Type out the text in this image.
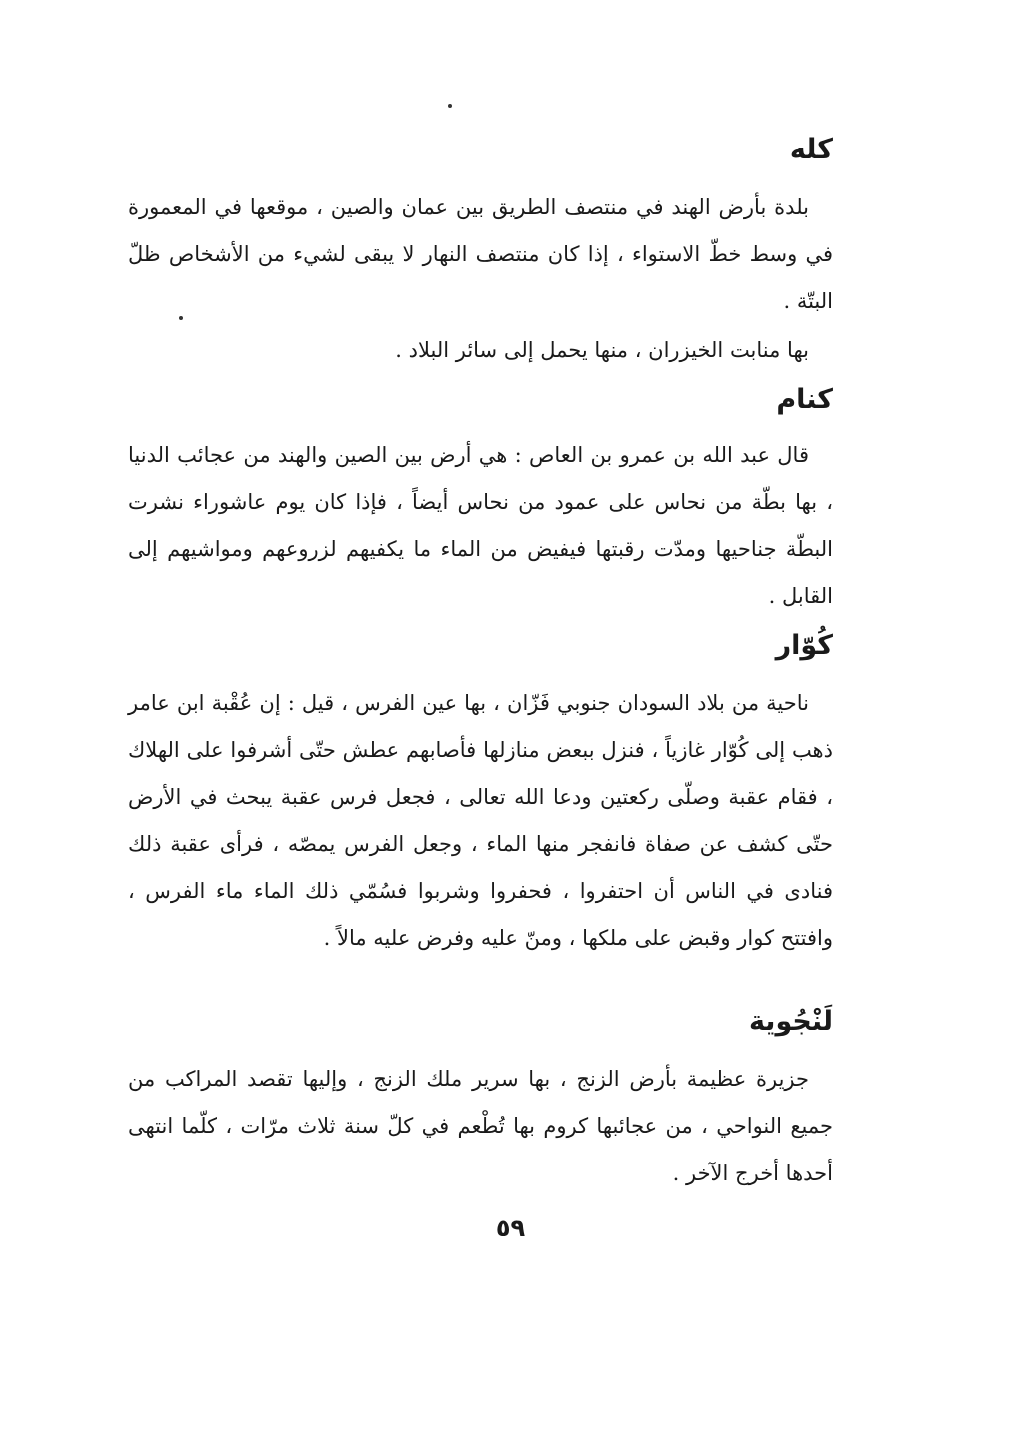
كله

بلدة بأرض الهند في منتصف الطريق بين عمان والصين ، موقعها في المعمورة في وسط خطّ الاستواء ، إذا كان منتصف النهار لا يبقى لشيء من الأشخاص ظلّ البتّة .

بها منابت الخيزران ، منها يحمل إلى سائر البلاد .

كنام

قال عبد الله بن عمرو بن العاص : هي أرض بين الصين والهند من عجائب الدنيا ، بها بطّة من نحاس على عمود من نحاس أيضاً ، فإذا كان يوم عاشوراء نشرت البطّة جناحيها ومدّت رقبتها فيفيض من الماء ما يكفيهم لزروعهم ومواشيهم إلى القابل .

كُوّار

ناحية من بلاد السودان جنوبي فَزّان ، بها عين الفرس ، قيل : إن عُقْبة ابن عامر ذهب إلى كُوّار غازياً ، فنزل ببعض منازلها فأصابهم عطش حتّى أشرفوا على الهلاك ، فقام عقبة وصلّى ركعتين ودعا الله تعالى ، فجعل فرس عقبة يبحث في الأرض حتّى كشف عن صفاة فانفجر منها الماء ، وجعل الفرس يمصّه ، فرأى عقبة ذلك فنادى في الناس أن احتفروا ، فحفروا وشربوا فسُمّي ذلك الماء ماء الفرس ، وافتتح كوار وقبض على ملكها ، ومنّ عليه وفرض عليه مالاً .

لَنْجُوية

جزيرة عظيمة بأرض الزنج ، بها سرير ملك الزنج ، وإليها تقصد المراكب من جميع النواحي ، من عجائبها كروم بها تُطْعم في كلّ سنة ثلاث مرّات ، كلّما انتهى أحدها أخرج الآخر .

٥٩
